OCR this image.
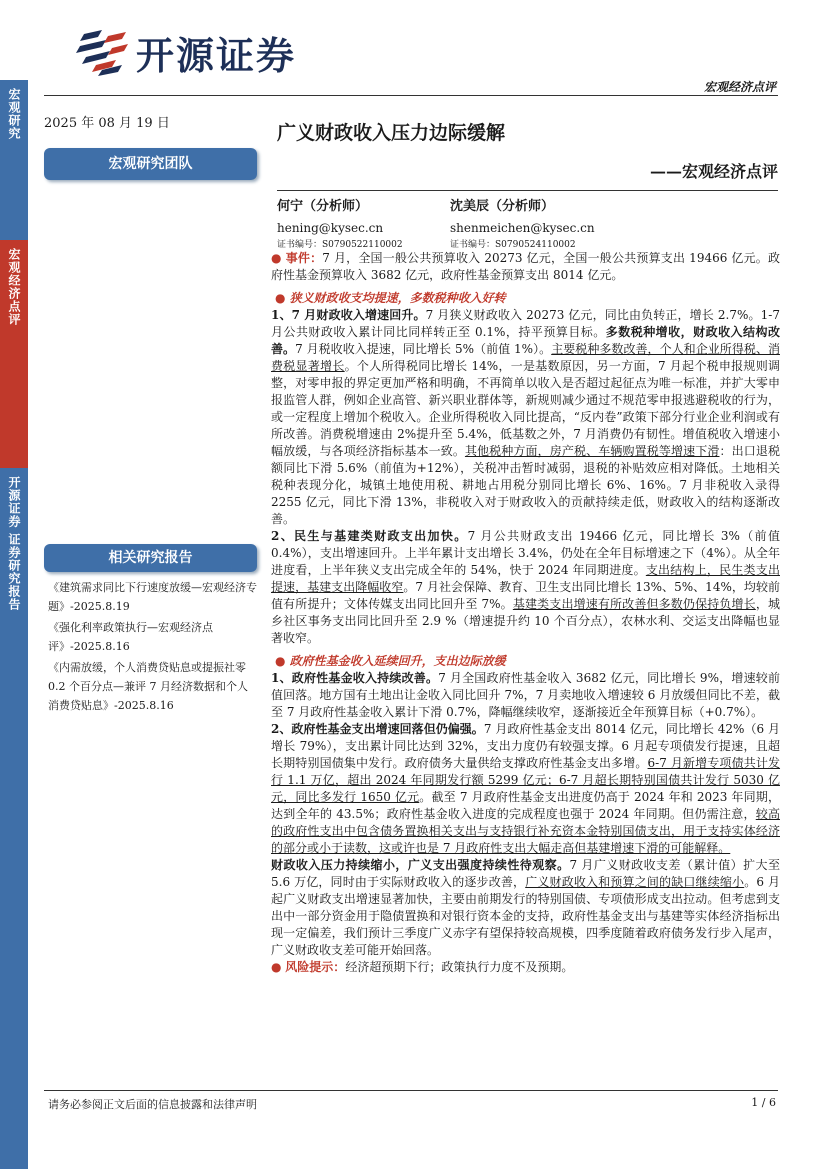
宏观研究
宏观经济点评
开源证券 证券研究报告
开源证券
宏观经济点评
2025 年 08 月 19 日	广义财政收入压力边际缓解
——宏观经济点评
宏观研究团队
何宁（分析师）
hening@kysec.cn
证书编号：S0790522110002
沈美辰（分析师）
shenmeichen@kysec.cn
证书编号：S0790524110002
相关研究报告
《建筑需求同比下行速度放缓—宏观经济专题》-2025.8.19
《强化利率政策执行—宏观经济点评》-2025.8.16
《内需放缓，个人消费贷贴息或提振社零 0.2 个百分点—兼评 7 月经济数据和个人消费贷贴息》-2025.8.16

● 事件：7 月，全国一般公共预算收入 20273 亿元，全国一般公共预算支出 19466 亿元。政府性基金预算收入 3682 亿元，政府性基金预算支出 8014 亿元。

● 狭义财政收支均提速，多数税种收入好转

1、7 月财政收入增速回升。7 月狭义财政收入 20273 亿元，同比由负转正，增长 2.7%。1-7 月公共财政收入累计同比同样转正至 0.1%，持平预算目标。多数税种增收，财政收入结构改善。7 月税收收入提速，同比增长 5%（前值 1%）。主要税种多数改善，个人和企业所得税、消费税显著增长。个人所得税同比增长 14%，一是基数原因，另一方面，7 月起个税申报规则调整，对零申报的界定更加严格和明确，不再简单以收入是否超过起征点为唯一标准，并扩大零申报监管人群，例如企业高管、新兴职业群体等，新规则减少通过不规范零申报逃避税收的行为，或一定程度上增加个税收入。企业所得税收入同比提高，“反内卷”政策下部分行业企业利润或有所改善。消费税增速由 2%提升至 5.4%，低基数之外，7 月消费仍有韧性。增值税收入增速小幅放缓，与各项经济指标基本一致。其他税种方面，房产税、车辆购置税等增速下滑：出口退税额同比下滑 5.6%（前值为+12%），关税冲击暂时减弱，退税的补贴效应相对降低。土地相关税种表现分化，城镇土地使用税、耕地占用税分别同比增长 6%、16%。7 月非税收入录得 2255 亿元，同比下滑 13%，非税收入对于财政收入的贡献持续走低，财政收入的结构逐渐改善。

2、民生与基建类财政支出加快。7 月公共财政支出 19466 亿元，同比增长 3%（前值 0.4%），支出增速回升。上半年累计支出增长 3.4%，仍处在全年目标增速之下（4%）。从全年进度看，上半年狭义支出完成全年的 54%，快于 2024 年同期进度。支出结构上，民生类支出提速，基建支出降幅收窄。7 月社会保障、教育、卫生支出同比增长 13%、5%、14%，均较前值有所提升；文体传媒支出同比回升至 7%。基建类支出增速有所改善但多数仍保持负增长，城乡社区事务支出同比回升至 2.9 %（增速提升约 10 个百分点），农林水利、交运支出降幅也显著收窄。

● 政府性基金收入延续回升，支出边际放缓

1、政府性基金收入持续改善。7 月全国政府性基金收入 3682 亿元，同比增长 9%，增速较前值回落。地方国有土地出让金收入同比回升 7%，7 月卖地收入增速较 6 月放缓但同比不差，截至 7 月政府性基金收入累计下滑 0.7%，降幅继续收窄，逐渐接近全年预算目标（+0.7%）。

2、政府性基金支出增速回落但仍偏强。7 月政府性基金支出 8014 亿元，同比增长 42%（6 月增长 79%），支出累计同比达到 32%，支出力度仍有较强支撑。6 月起专项债发行提速，且超长期特别国债集中发行。政府债务大量供给支撑政府性基金支出多增。6-7 月新增专项债共计发行 1.1 万亿，超出 2024 年同期发行额 5299 亿元；6-7 月超长期特别国债共计发行 5030 亿元，同比多发行 1650 亿元。截至 7 月政府性基金支出进度仍高于 2024 年和 2023 年同期，达到全年的 43.5%；政府性基金收入进度的完成程度也强于 2024 年同期。但仍需注意，较高的政府性支出中包含债务置换相关支出与支持银行补充资本金特别国债支出，用于支持实体经济的部分或小于读数，这或许也是 7 月政府性支出大幅走高但基建增速下滑的可能解释。

财政收入压力持续缩小，广义支出强度持续性待观察。7 月广义财政收支差（累计值）扩大至 5.6 万亿，同时由于实际财政收入的逐步改善，广义财政收入和预算之间的缺口继续缩小。6 月起广义财政支出增速显著加快，主要由前期发行的特别国债、专项债形成支出拉动。但考虑到支出中一部分资金用于隐债置换和对银行资本金的支持，政府性基金支出与基建等实体经济指标出现一定偏差，我们预计三季度广义赤字有望保持较高规模，四季度随着政府债务发行步入尾声，广义财政收支差可能开始回落。

● 风险提示：经济超预期下行；政策执行力度不及预期。

请务必参阅正文后面的信息披露和法律声明	1 / 6
